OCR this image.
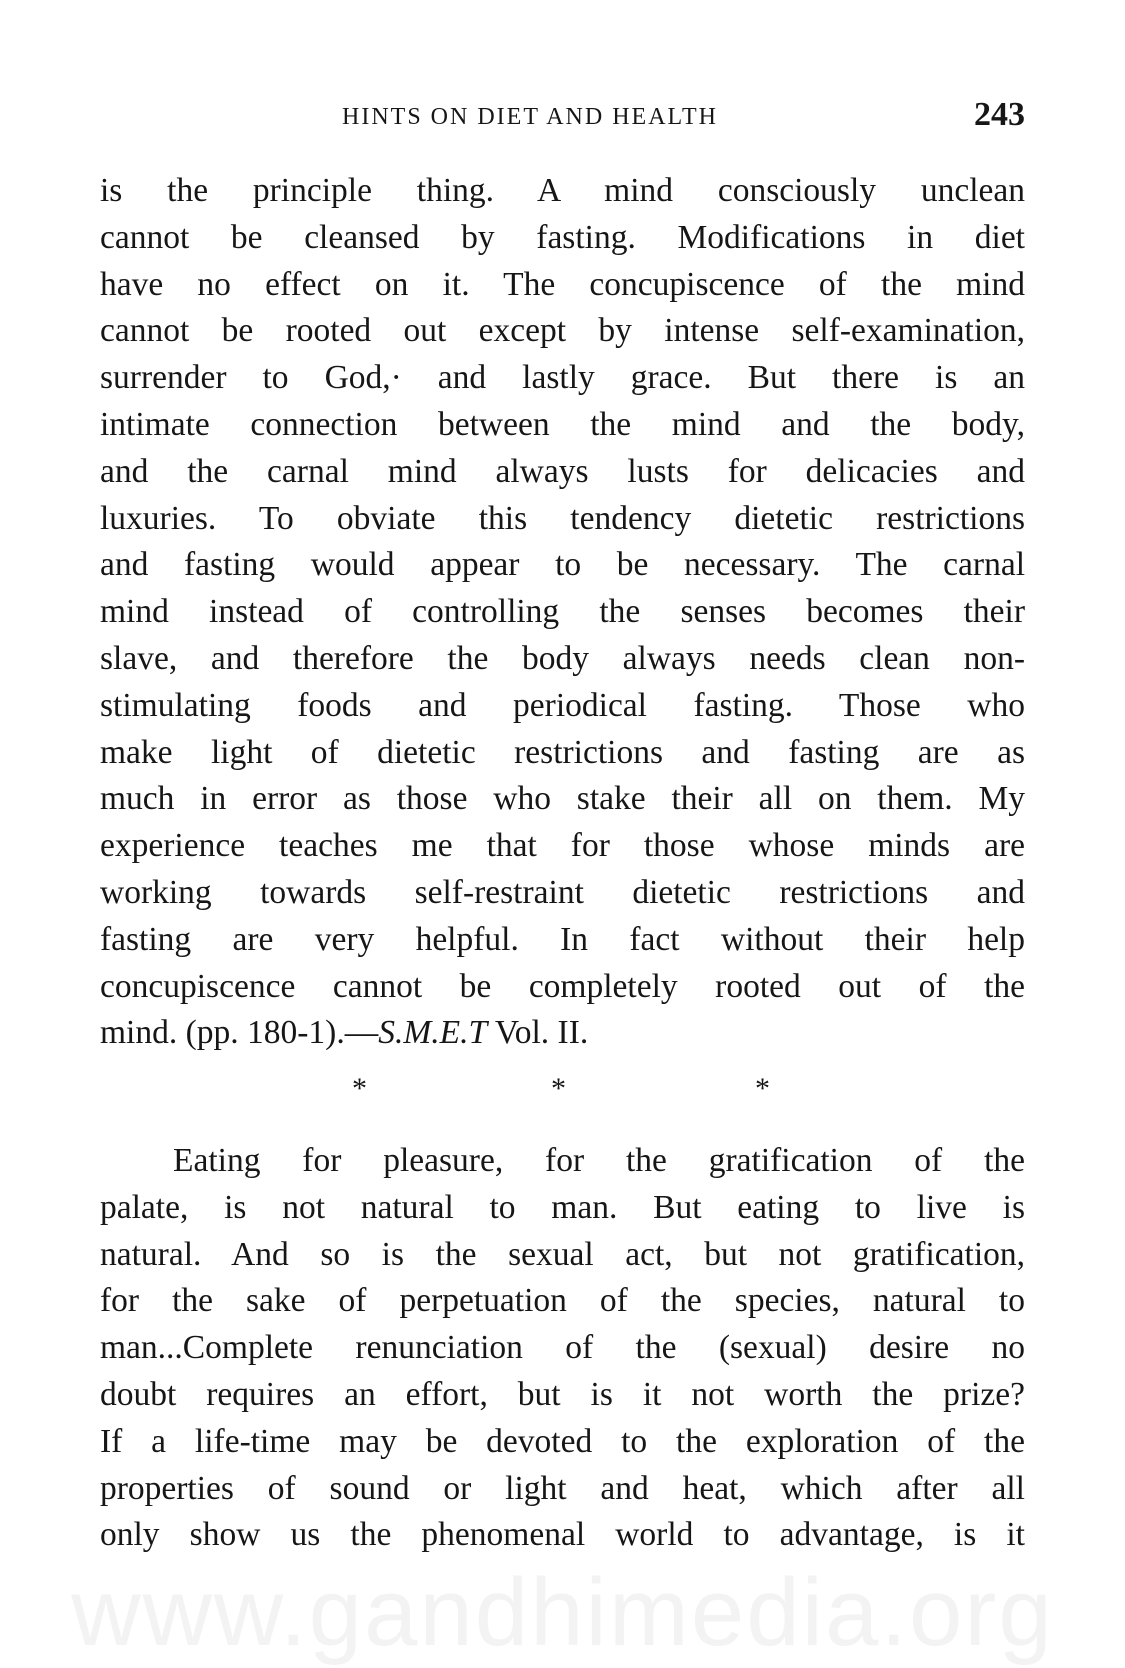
HINTS ON DIET AND HEALTH	243
is the principle thing. A mind consciously unclean
cannot be cleansed by fasting. Modifications in diet
have no effect on it. The concupiscence of the mind
cannot be rooted out except by intense self-examination,
surrender to God,· and lastly grace. But there is an
intimate connection between the mind and the body,
and the carnal mind always lusts for delicacies and
luxuries. To obviate this tendency dietetic restrictions
and fasting would appear to be necessary. The carnal
mind instead of controlling the senses becomes their
slave, and therefore the body always needs clean non-
stimulating foods and periodical fasting. Those who
make light of dietetic restrictions and fasting are as
much in error as those who stake their all on them. My
experience teaches me that for those whose minds are
working towards self-restraint dietetic restrictions and
fasting are very helpful. In fact without their help
concupiscence cannot be completely rooted out of the
mind. (pp. 180-1).—S.M.E.T Vol. II.
*	*	*
Eating for pleasure, for the gratification of the
palate, is not natural to man. But eating to live is
natural. And so is the sexual act, but not gratification,
for the sake of perpetuation of the species, natural to
man...Complete renunciation of the (sexual) desire no
doubt requires an effort, but is it not worth the prize?
If a life-time may be devoted to the exploration of the
properties of sound or light and heat, which after all
only show us the phenomenal world to advantage, is it
www.gandhimedia.org
